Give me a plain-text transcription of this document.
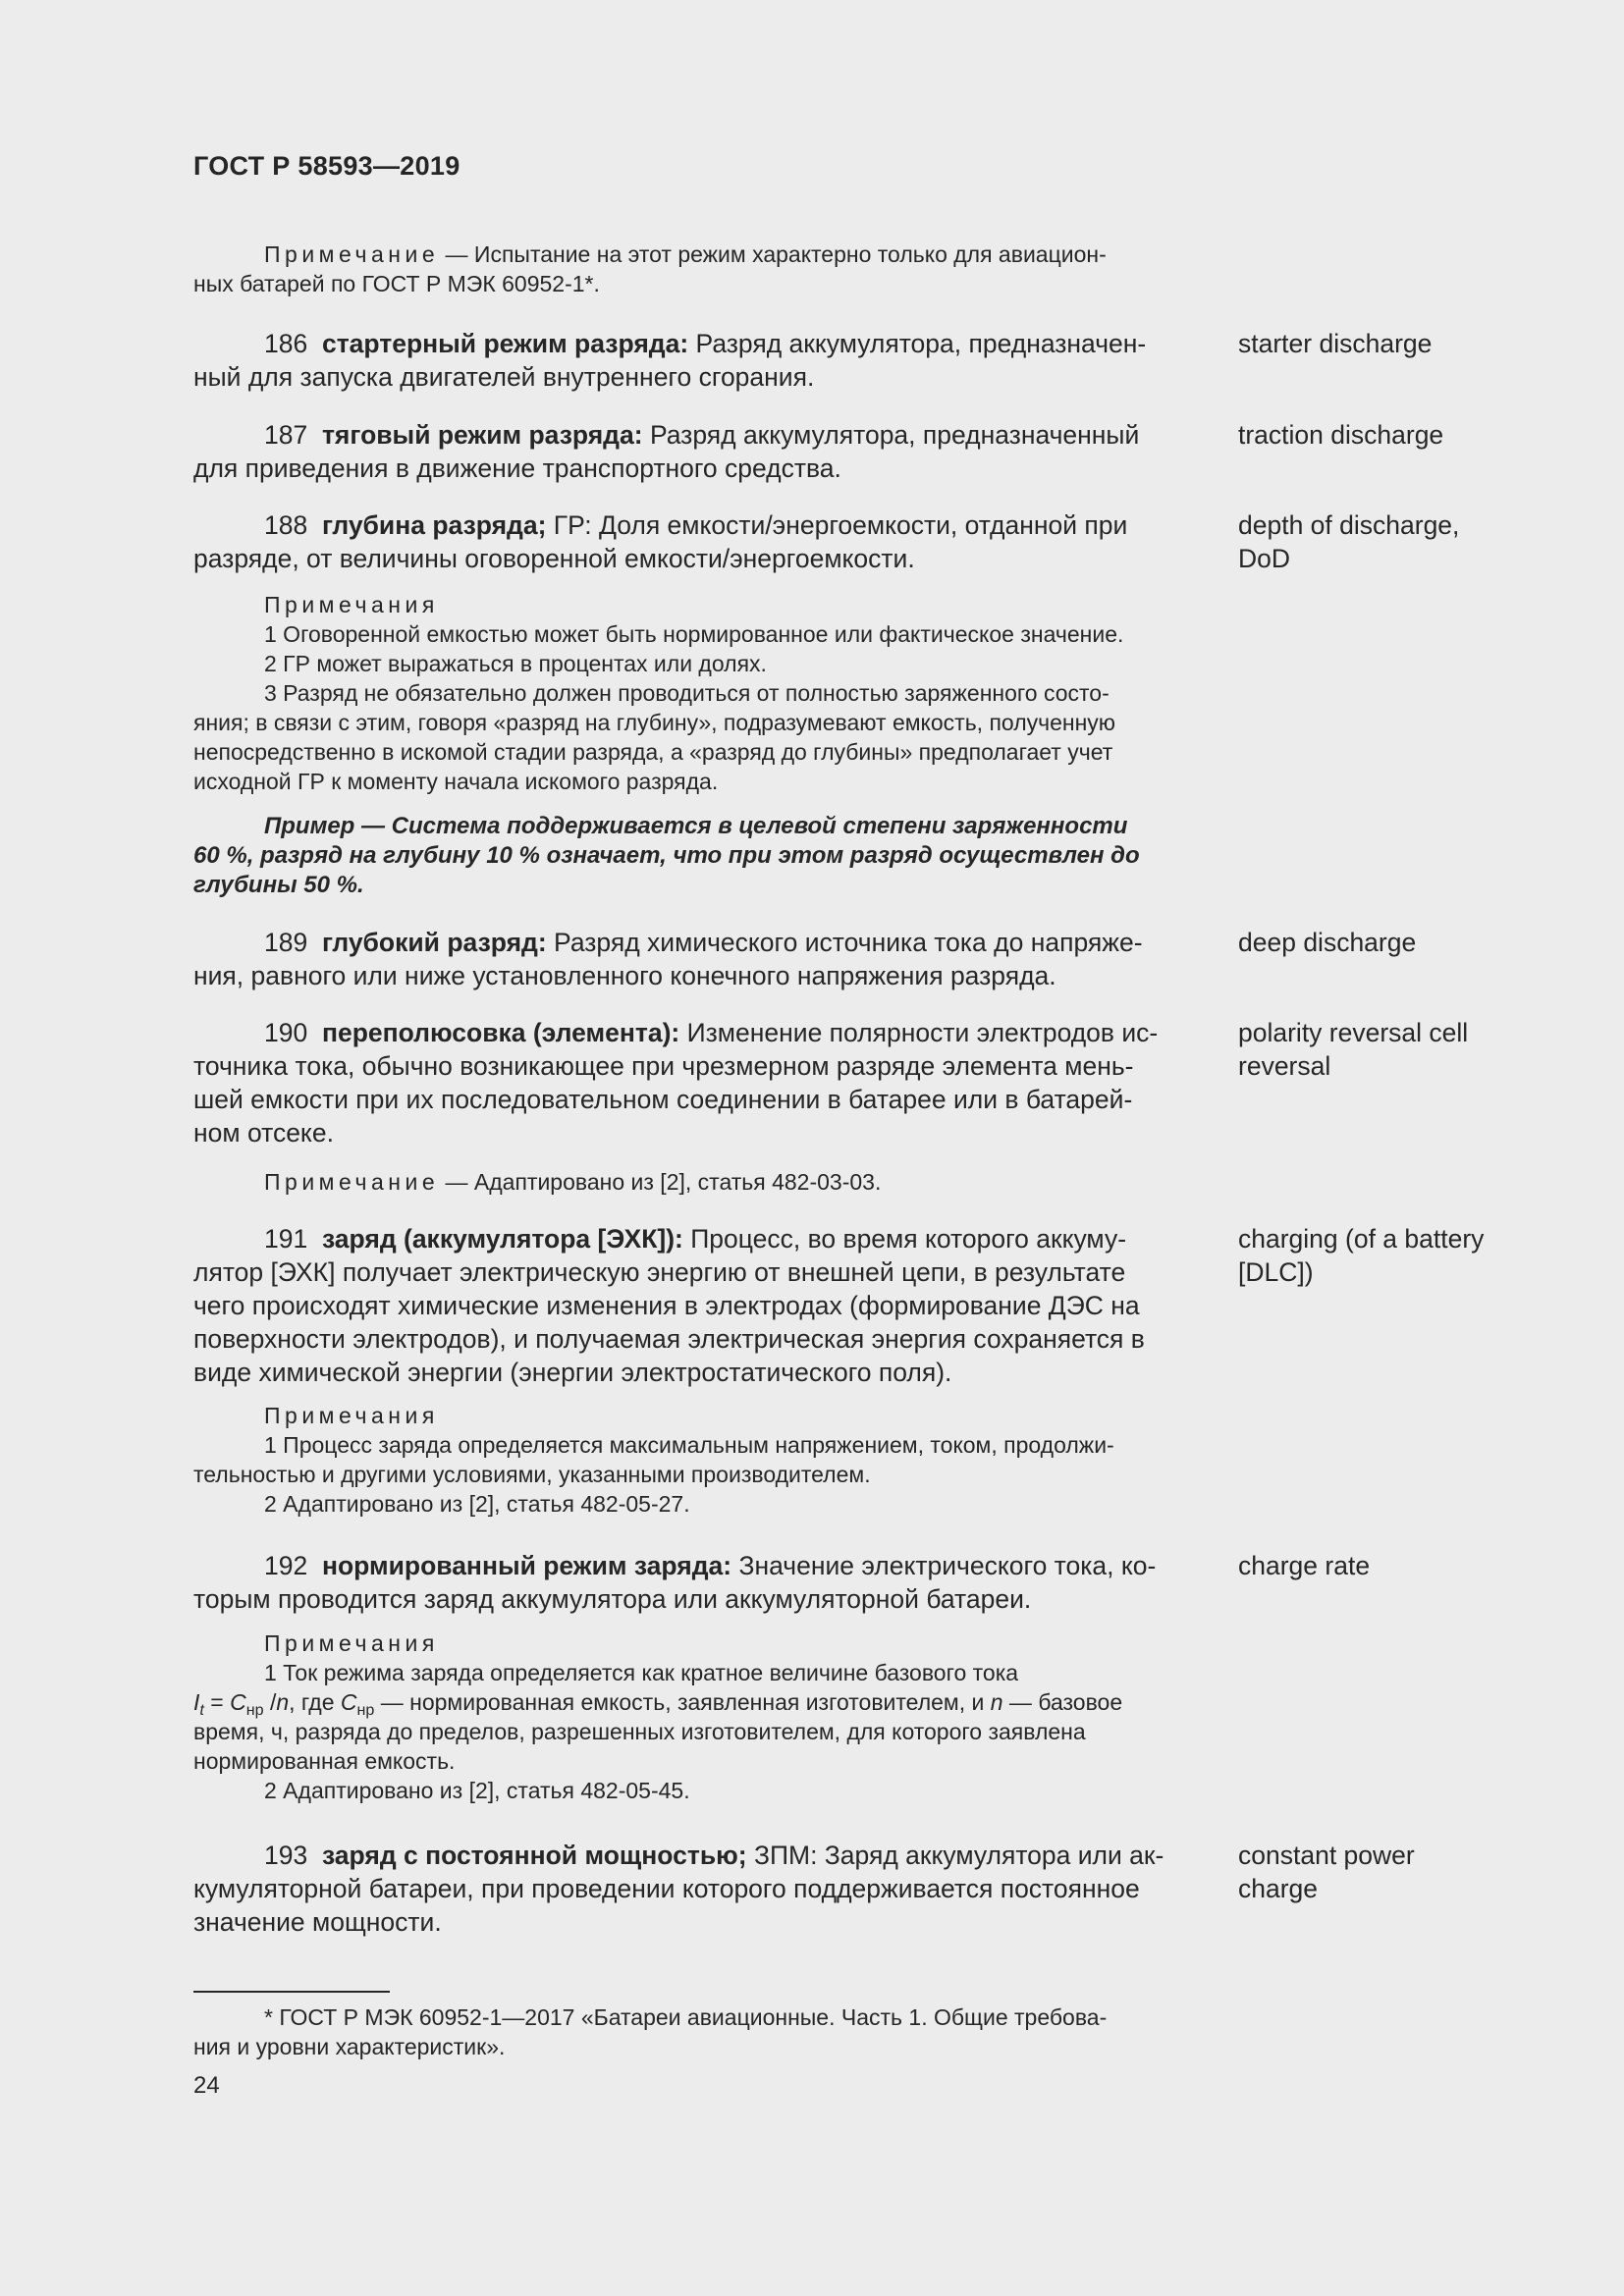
ГОСТ Р 58593—2019
Примечание — Испытание на этот режим характерно только для авиацион-
ных батарей по ГОСТ Р МЭК 60952-1*.
186 стартерный режим разряда: Разряд аккумулятора, предназначен-
ный для запуска двигателей внутреннего сгорания.
starter discharge
187 тяговый режим разряда: Разряд аккумулятора, предназначенный
для приведения в движение транспортного средства.
traction discharge
188 глубина разряда; ГР: Доля емкости/энергоемкости, отданной при
разряде, от величины оговоренной емкости/энергоемкости.
depth of discharge,
DoD
Примечания
1 Оговоренной емкостью может быть нормированное или фактическое значение.
2 ГР может выражаться в процентах или долях.
3 Разряд не обязательно должен проводиться от полностью заряженного состо-
яния; в связи с этим, говоря «разряд на глубину», подразумевают емкость, полученную
непосредственно в искомой стадии разряда, а «разряд до глубины» предполагает учет
исходной ГР к моменту начала искомого разряда.
Пример — Система поддерживается в целевой степени заряженности
60 %, разряд на глубину 10 % означает, что при этом разряд осуществлен до
глубины 50 %.
189 глубокий разряд: Разряд химического источника тока до напряже-
ния, равного или ниже установленного конечного напряжения разряда.
deep discharge
190 переполюсовка (элемента): Изменение полярности электродов ис-
точника тока, обычно возникающее при чрезмерном разряде элемента мень-
шей емкости при их последовательном соединении в батарее или в батарей-
ном отсеке.
polarity reversal cell
reversal
Примечание — Адаптировано из [2], статья 482-03-03.
191 заряд (аккумулятора [ЭХК]): Процесс, во время которого аккуму-
лятор [ЭХК] получает электрическую энергию от внешней цепи, в результате
чего происходят химические изменения в электродах (формирование ДЭС на
поверхности электродов), и получаемая электрическая энергия сохраняется в
виде химической энергии (энергии электростатического поля).
charging (of a battery
[DLC])
Примечания
1 Процесс заряда определяется максимальным напряжением, током, продолжи-
тельностью и другими условиями, указанными производителем.
2 Адаптировано из [2], статья 482-05-27.
192 нормированный режим заряда: Значение электрического тока, ко-
торым проводится заряд аккумулятора или аккумуляторной батареи.
charge rate
Примечания
1 Ток режима заряда определяется как кратное величине базового тока
$I_t = C_{нр}$ /n, где $C_{нр}$ — нормированная емкость, заявленная изготовителем, и n — базовое
время, ч, разряда до пределов, разрешенных изготовителем, для которого заявлена
нормированная емкость.
2 Адаптировано из [2], статья 482-05-45.
193 заряд с постоянной мощностью; ЗПМ: Заряд аккумулятора или ак-
кумуляторной батареи, при проведении которого поддерживается постоянное
значение мощности.
constant power
charge
* ГОСТ Р МЭК 60952-1—2017 «Батареи авиационные. Часть 1. Общие требова-
ния и уровни характеристик».
24
